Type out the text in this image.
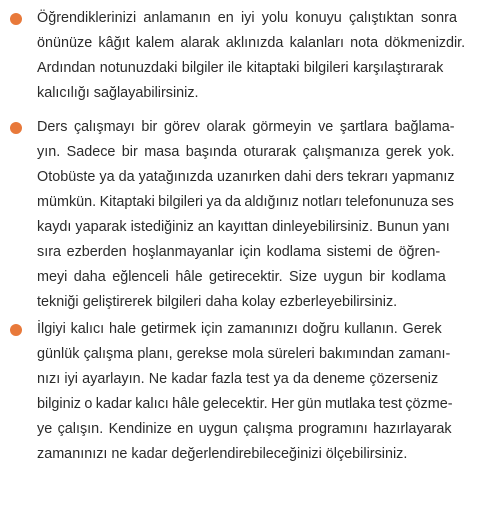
Öğrendiklerinizi anlamanın en iyi yolu konuyu çalıştıktan sonra
önünüze kâğıt kalem alarak aklınızda kalanları nota dökmenizdir.
Ardından notunuzdaki bilgiler ile kitaptaki bilgileri karşılaştırarak
kalıcılığı sağlayabilirsiniz.
Ders çalışmayı bir görev olarak görmeyin ve şartlara bağlama-
yın. Sadece bir masa başında oturarak çalışmanıza gerek yok.
Otobüste ya da yatağınızda uzanırken dahi ders tekrarı yapmanız
mümkün. Kitaptaki bilgileri ya da aldığınız notları telefonunuza ses
kaydı yaparak istediğiniz an kayıttan dinleyebilirsiniz. Bunun yanı
sıra ezberden hoşlanmayanlar için kodlama sistemi de öğren-
meyi daha eğlenceli hâle getirecektir. Size uygun bir kodlama
tekniği geliştirerek bilgileri daha kolay ezberleyebilirsiniz.
İlgiyi kalıcı hale getirmek için zamanınızı doğru kullanın. Gerek
günlük çalışma planı, gerekse mola süreleri bakımından zamanı-
nızı iyi ayarlayın. Ne kadar fazla test ya da deneme çözerseniz
bilginiz o kadar kalıcı hâle gelecektir. Her gün mutlaka test çözme-
ye çalışın. Kendinize en uygun çalışma programını hazırlayarak
zamanınızı ne kadar değerlendirebileceğinizi ölçebilirsiniz.
